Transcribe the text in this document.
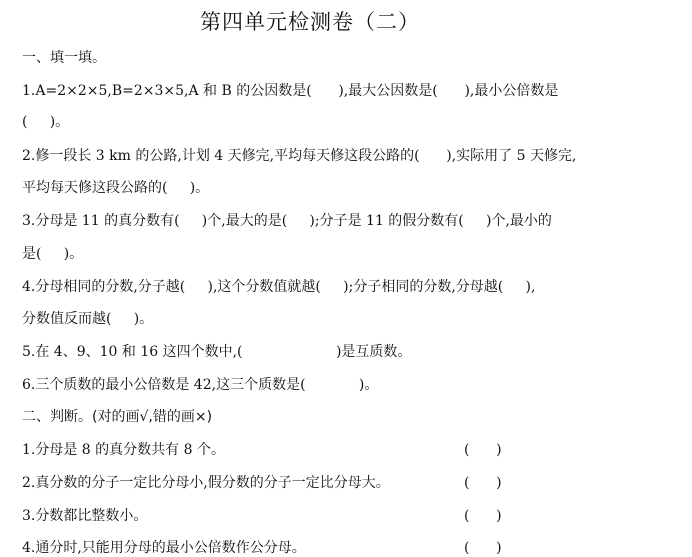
第四单元检测卷（二）
一、填一填。
1.A=2×2×5,B=2×3×5,A 和 B 的公因数是(      ),最大公因数是(      ),最小公倍数是
(     )。
2.修一段长 3 km 的公路,计划 4 天修完,平均每天修这段公路的(      ),实际用了 5 天修完,
平均每天修这段公路的(     )。
3.分母是 11 的真分数有(     )个,最大的是(     );分子是 11 的假分数有(     )个,最小的
是(     )。
4.分母相同的分数,分子越(     ),这个分数值就越(     );分子相同的分数,分母越(     ),
分数值反而越(     )。
5.在 4、9、10 和 16 这四个数中,(                     )是互质数。
6.三个质数的最小公倍数是 42,这三个质数是(            )。
二、判断。(对的画√,错的画×)
1.分母是 8 的真分数共有 8 个。	(      )
2.真分数的分子一定比分母小,假分数的分子一定比分母大。	(      )
3.分数都比整数小。	(      )
4.通分时,只能用分母的最小公倍数作公分母。	(      )
